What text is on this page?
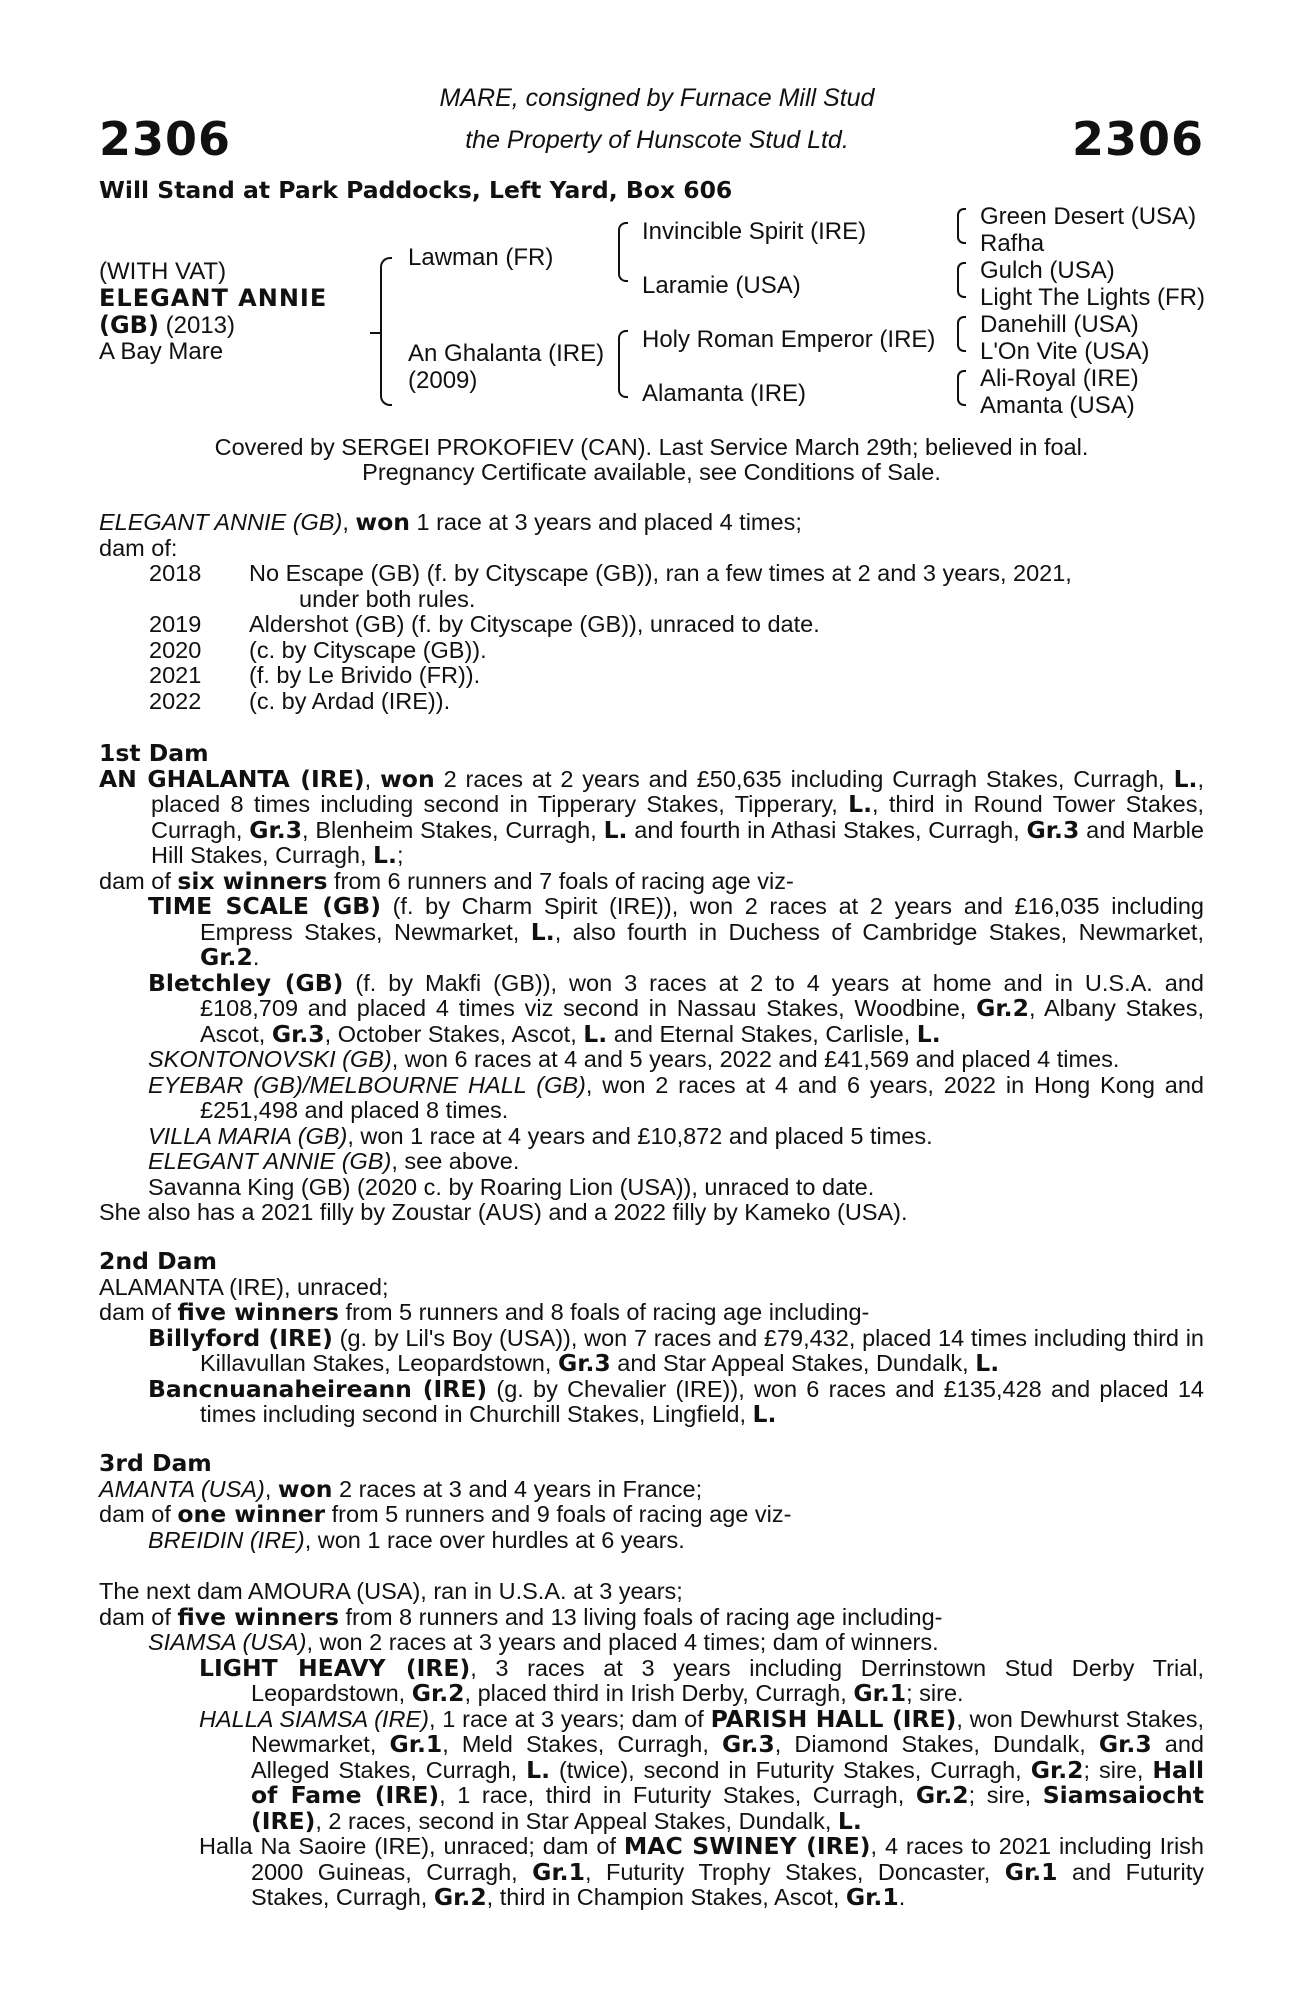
2306	2306
MARE, consigned by Furnace Mill Stud
the Property of Hunscote Stud Ltd.
Will Stand at Park Paddocks, Left Yard, Box 606
(WITH VAT)
ELEGANT ANNIE
(GB) (2013)
A Bay Mare
Lawman (FR)
An Ghalanta (IRE)
(2009)
Invincible Spirit (IRE)
Laramie (USA)
Holy Roman Emperor (IRE)
Alamanta (IRE)
Green Desert (USA)
Rafha
Gulch (USA)
Light The Lights (FR)
Danehill (USA)
L'On Vite (USA)
Ali-Royal (IRE)
Amanta (USA)
Covered by SERGEI PROKOFIEV (CAN). Last Service March 29th; believed in foal.
Pregnancy Certificate available, see Conditions of Sale.

ELEGANT ANNIE (GB), won 1 race at 3 years and placed 4 times;

dam of:

2018	No Escape (GB) (f. by Cityscape (GB)), ran a few times at 2 and 3 years, 2021,
under both rules.
2019	Aldershot (GB) (f. by Cityscape (GB)), unraced to date.
2020	(c. by Cityscape (GB)).
2021	(f. by Le Brivido (FR)).
2022	(c. by Ardad (IRE)).

1st Dam

AN GHALANTA (IRE), won 2 races at 2 years and £50,635 including Curragh Stakes, Curragh, L., placed 8 times including second in Tipperary Stakes, Tipperary, L., third in Round Tower Stakes, Curragh, Gr.3, Blenheim Stakes, Curragh, L. and fourth in Athasi Stakes, Curragh, Gr.3 and Marble Hill Stakes, Curragh, L.;

dam of six winners from 6 runners and 7 foals of racing age viz-

TIME SCALE (GB) (f. by Charm Spirit (IRE)), won 2 races at 2 years and £16,035 including Empress Stakes, Newmarket, L., also fourth in Duchess of Cambridge Stakes, Newmarket, Gr.2.

Bletchley (GB) (f. by Makfi (GB)), won 3 races at 2 to 4 years at home and in U.S.A. and £108,709 and placed 4 times viz second in Nassau Stakes, Woodbine, Gr.2, Albany Stakes, Ascot, Gr.3, October Stakes, Ascot, L. and Eternal Stakes, Carlisle, L.

SKONTONOVSKI (GB), won 6 races at 4 and 5 years, 2022 and £41,569 and placed 4 times.

EYEBAR (GB)/MELBOURNE HALL (GB), won 2 races at 4 and 6 years, 2022 in Hong Kong and £251,498 and placed 8 times.

VILLA MARIA (GB), won 1 race at 4 years and £10,872 and placed 5 times.

ELEGANT ANNIE (GB), see above.

Savanna King (GB) (2020 c. by Roaring Lion (USA)), unraced to date.

She also has a 2021 filly by Zoustar (AUS) and a 2022 filly by Kameko (USA).

2nd Dam

ALAMANTA (IRE), unraced;

dam of five winners from 5 runners and 8 foals of racing age including-

Billyford (IRE) (g. by Lil's Boy (USA)), won 7 races and £79,432, placed 14 times including third in Killavullan Stakes, Leopardstown, Gr.3 and Star Appeal Stakes, Dundalk, L.

Bancnuanaheireann (IRE) (g. by Chevalier (IRE)), won 6 races and £135,428 and placed 14 times including second in Churchill Stakes, Lingfield, L.

3rd Dam

AMANTA (USA), won 2 races at 3 and 4 years in France;

dam of one winner from 5 runners and 9 foals of racing age viz-

BREIDIN (IRE), won 1 race over hurdles at 6 years.

The next dam AMOURA (USA), ran in U.S.A. at 3 years;

dam of five winners from 8 runners and 13 living foals of racing age including-

SIAMSA (USA), won 2 races at 3 years and placed 4 times; dam of winners.

LIGHT HEAVY (IRE), 3 races at 3 years including Derrinstown Stud Derby Trial, Leopardstown, Gr.2, placed third in Irish Derby, Curragh, Gr.1; sire.

HALLA SIAMSA (IRE), 1 race at 3 years; dam of PARISH HALL (IRE), won Dewhurst Stakes, Newmarket, Gr.1, Meld Stakes, Curragh, Gr.3, Diamond Stakes, Dundalk, Gr.3 and Alleged Stakes, Curragh, L. (twice), second in Futurity Stakes, Curragh, Gr.2; sire, Hall of Fame (IRE), 1 race, third in Futurity Stakes, Curragh, Gr.2; sire, Siamsaiocht (IRE), 2 races, second in Star Appeal Stakes, Dundalk, L.

Halla Na Saoire (IRE), unraced; dam of MAC SWINEY (IRE), 4 races to 2021 including Irish 2000 Guineas, Curragh, Gr.1, Futurity Trophy Stakes, Doncaster, Gr.1 and Futurity Stakes, Curragh, Gr.2, third in Champion Stakes, Ascot, Gr.1.
